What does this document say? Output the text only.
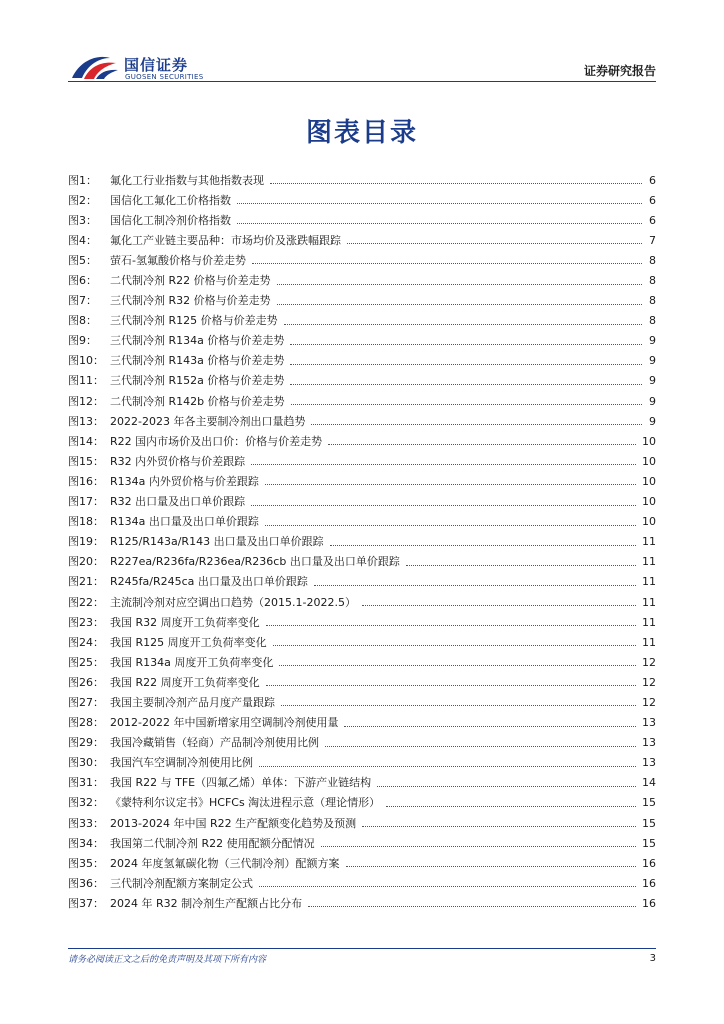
国信证券
GUOSEN SECURITIES	证券研究报告
图表目录
图1：	氟化工行业指数与其他指数表现	6
图2：	国信化工氟化工价格指数	6
图3：	国信化工制冷剂价格指数	6
图4：	氟化工产业链主要品种：市场均价及涨跌幅跟踪	7
图5：	萤石-氢氟酸价格与价差走势	8
图6：	二代制冷剂 R22 价格与价差走势	8
图7：	三代制冷剂 R32 价格与价差走势	8
图8：	三代制冷剂 R125 价格与价差走势	8
图9：	三代制冷剂 R134a 价格与价差走势	9
图10： 三代制冷剂 R143a 价格与价差走势	9
图11： 三代制冷剂 R152a 价格与价差走势	9
图12： 二代制冷剂 R142b 价格与价差走势	9
图13： 2022-2023 年各主要制冷剂出口量趋势	9
图14： R22 国内市场价及出口价：价格与价差走势	10
图15： R32 内外贸价格与价差跟踪	10
图16： R134a 内外贸价格与价差跟踪	10
图17： R32 出口量及出口单价跟踪	10
图18： R134a 出口量及出口单价跟踪	10
图19： R125/R143a/R143 出口量及出口单价跟踪	11
图20： R227ea/R236fa/R236ea/R236cb 出口量及出口单价跟踪	11
图21： R245fa/R245ca 出口量及出口单价跟踪	11
图22： 主流制冷剂对应空调出口趋势（2015.1-2022.5）	11
图23： 我国 R32 周度开工负荷率变化	11
图24： 我国 R125 周度开工负荷率变化	11
图25： 我国 R134a 周度开工负荷率变化	12
图26： 我国 R22 周度开工负荷率变化	12
图27： 我国主要制冷剂产品月度产量跟踪	12
图28： 2012-2022 年中国新增家用空调制冷剂使用量	13
图29： 我国冷藏销售（轻商）产品制冷剂使用比例	13
图30： 我国汽车空调制冷剂使用比例	13
图31： 我国 R22 与 TFE（四氟乙烯）单体：下游产业链结构	14
图32： 《蒙特利尔议定书》HCFCs 淘汰进程示意（理论情形）	15
图33： 2013-2024 年中国 R22 生产配额变化趋势及预测	15
图34： 我国第二代制冷剂 R22 使用配额分配情况	15
图35： 2024 年度氢氟碳化物（三代制冷剂）配额方案	16
图36： 三代制冷剂配额方案制定公式	16
图37： 2024 年 R32 制冷剂生产配额占比分布	16
请务必阅读正文之后的免责声明及其项下所有内容	3
